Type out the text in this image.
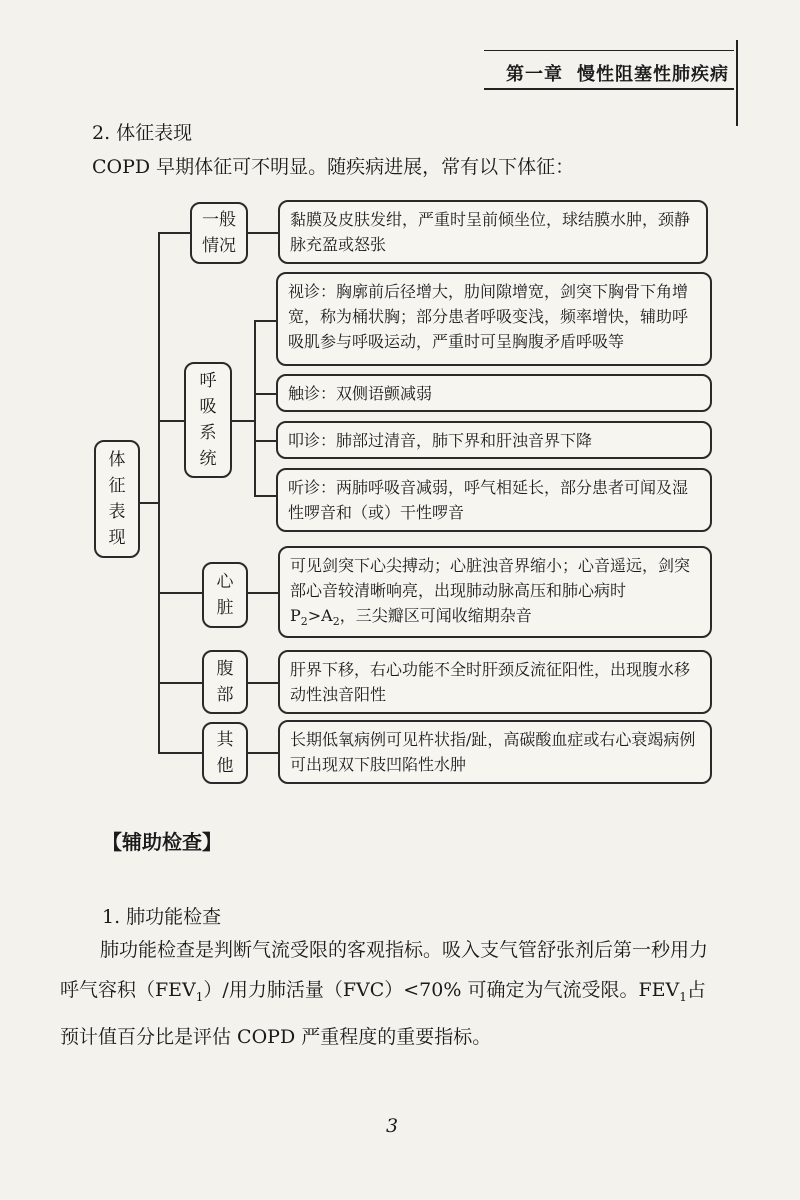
第一章 慢性阻塞性肺疾病
2. 体征表现
COPD 早期体征可不明显。随疾病进展，常有以下体征：
体
征
表
现
一般
情况
黏膜及皮肤发绀，严重时呈前倾坐位，球结膜水肿，颈静脉充盈或怒张
呼
吸
系
统
视诊：胸廓前后径增大，肋间隙增宽，剑突下胸骨下角增宽，称为桶状胸；部分患者呼吸变浅，频率增快，辅助呼吸肌参与呼吸运动，严重时可呈胸腹矛盾呼吸等
触诊：双侧语颤减弱
叩诊：肺部过清音，肺下界和肝浊音界下降
听诊：两肺呼吸音减弱，呼气相延长，部分患者可闻及湿性啰音和（或）干性啰音
心
脏
可见剑突下心尖搏动；心脏浊音界缩小；心音遥远，剑突部心音较清晰响亮，出现肺动脉高压和肺心病时
$P_2>A_2$，三尖瓣区可闻收缩期杂音
腹
部
肝界下移，右心功能不全时肝颈反流征阳性，出现腹水移动性浊音阳性
其
他
长期低氧病例可见杵状指/趾，高碳酸血症或右心衰竭病例可出现双下肢凹陷性水肿
【辅助检查】
1. 肺功能检查
肺功能检查是判断气流受限的客观指标。吸入支气管舒张剂后第一秒用力呼气容积$(FEV_1)/$用力肺活量（FVC）<70% 可确定为气流受限。$FEV_1$占预计值百分比是评估 COPD 严重程度的重要指标。
3
